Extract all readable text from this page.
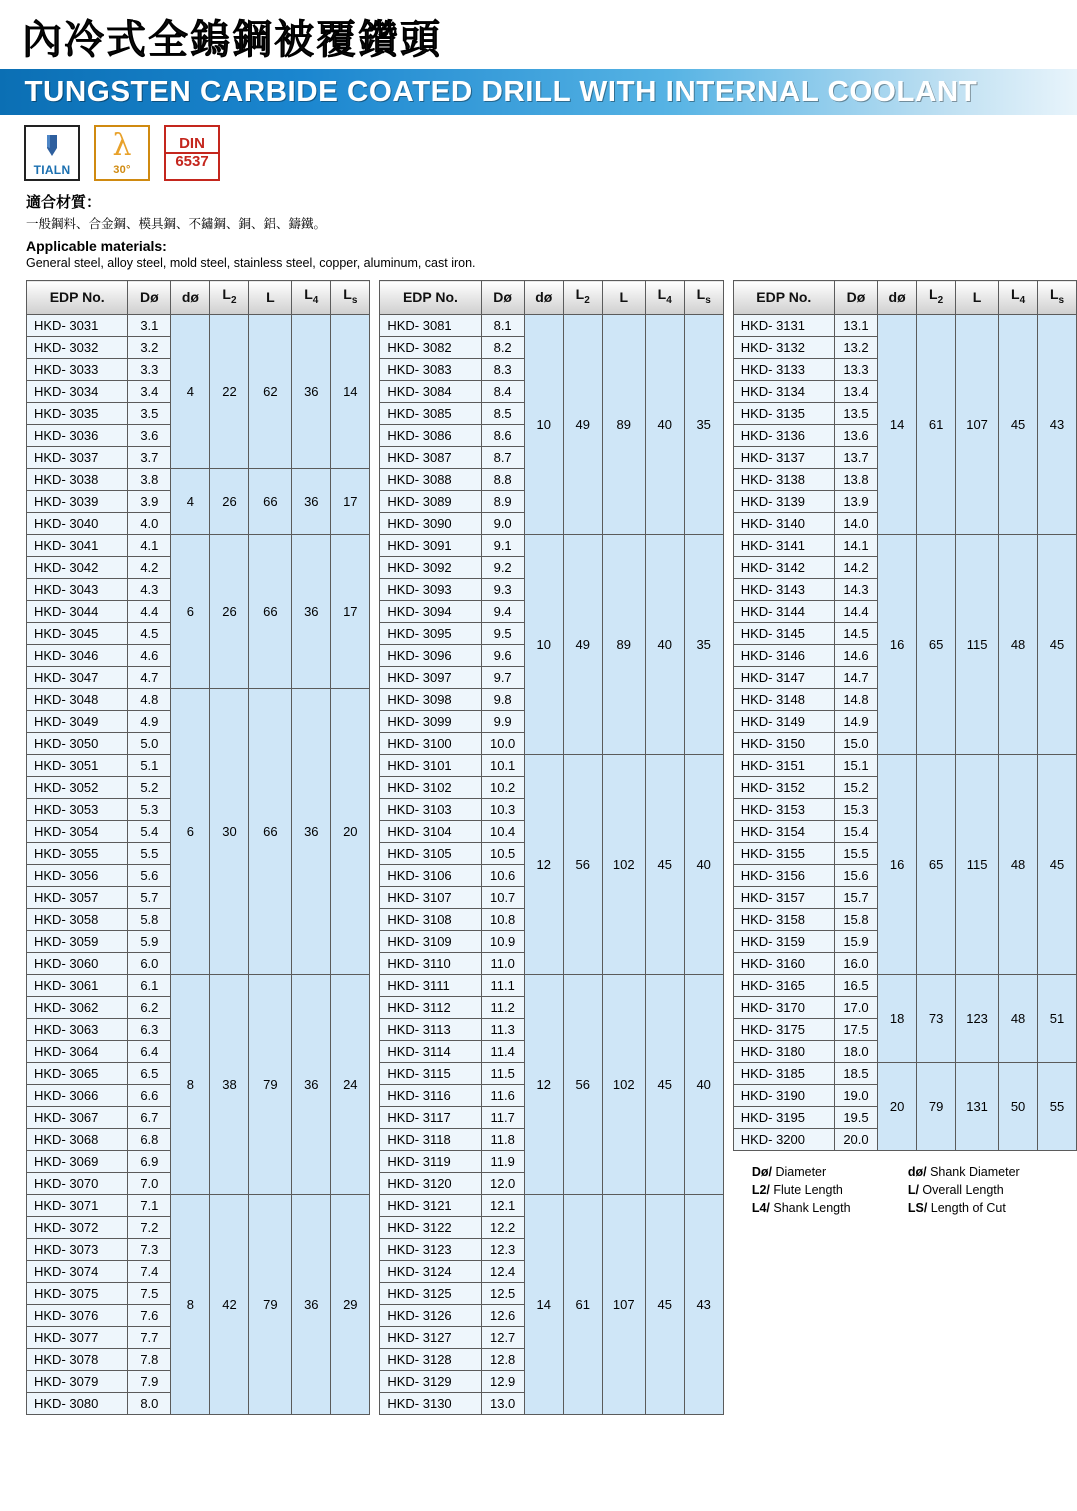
內冷式全鎢鋼被覆鑽頭
TUNGSTEN CARBIDE COATED DRILL WITH INTERNAL COOLANT
TIALN
λ
30°
DIN
6537
適合材質：
一般鋼料、合金鋼、模具鋼、不鏽鋼、銅、鋁、鑄鐵。
Applicable materials:
General steel, alloy steel, mold steel, stainless steel, copper, aluminum, cast iron.
EDP No.	Dø	dø	$L_2$	L	$L_4$	$L_s$
HKD- 3031	3.1	4	22	62	36	14
HKD- 3032	3.2					
HKD- 3033	3.3					
HKD- 3034	3.4					
HKD- 3035	3.5					
HKD- 3036	3.6					
HKD- 3037	3.7					
HKD- 3038	3.8	4	26	66	36	17
HKD- 3039	3.9					
HKD- 3040	4.0					
HKD- 3041	4.1	6	26	66	36	17
HKD- 3042	4.2					
HKD- 3043	4.3					
HKD- 3044	4.4					
HKD- 3045	4.5					
HKD- 3046	4.6					
HKD- 3047	4.7					
HKD- 3048	4.8	6	30	66	36	20
HKD- 3049	4.9					
HKD- 3050	5.0					
HKD- 3051	5.1					
HKD- 3052	5.2					
HKD- 3053	5.3					
HKD- 3054	5.4					
HKD- 3055	5.5					
HKD- 3056	5.6					
HKD- 3057	5.7					
HKD- 3058	5.8					
HKD- 3059	5.9					
HKD- 3060	6.0					
HKD- 3061	6.1	8	38	79	36	24
HKD- 3062	6.2					
HKD- 3063	6.3					
HKD- 3064	6.4					
HKD- 3065	6.5					
HKD- 3066	6.6					
HKD- 3067	6.7					
HKD- 3068	6.8					
HKD- 3069	6.9					
HKD- 3070	7.0					
HKD- 3071	7.1	8	42	79	36	29
HKD- 3072	7.2					
HKD- 3073	7.3					
HKD- 3074	7.4					
HKD- 3075	7.5					
HKD- 3076	7.6					
HKD- 3077	7.7					
HKD- 3078	7.8					
HKD- 3079	7.9					
HKD- 3080	8.0					
EDP No.	Dø	dø	$L_2$	L	$L_4$	$L_s$
HKD- 3081	8.1	10	49	89	40	35
HKD- 3082	8.2					
HKD- 3083	8.3					
HKD- 3084	8.4					
HKD- 3085	8.5					
HKD- 3086	8.6					
HKD- 3087	8.7					
HKD- 3088	8.8					
HKD- 3089	8.9					
HKD- 3090	9.0					
HKD- 3091	9.1	10	49	89	40	35
HKD- 3092	9.2					
HKD- 3093	9.3					
HKD- 3094	9.4					
HKD- 3095	9.5					
HKD- 3096	9.6					
HKD- 3097	9.7					
HKD- 3098	9.8					
HKD- 3099	9.9					
HKD- 3100	10.0					
HKD- 3101	10.1	12	56	102	45	40
HKD- 3102	10.2					
HKD- 3103	10.3					
HKD- 3104	10.4					
HKD- 3105	10.5					
HKD- 3106	10.6					
HKD- 3107	10.7					
HKD- 3108	10.8					
HKD- 3109	10.9					
HKD- 3110	11.0					
HKD- 3111	11.1	12	56	102	45	40
HKD- 3112	11.2					
HKD- 3113	11.3					
HKD- 3114	11.4					
HKD- 3115	11.5					
HKD- 3116	11.6					
HKD- 3117	11.7					
HKD- 3118	11.8					
HKD- 3119	11.9					
HKD- 3120	12.0					
HKD- 3121	12.1	14	61	107	45	43
HKD- 3122	12.2					
HKD- 3123	12.3					
HKD- 3124	12.4					
HKD- 3125	12.5					
HKD- 3126	12.6					
HKD- 3127	12.7					
HKD- 3128	12.8					
HKD- 3129	12.9					
HKD- 3130	13.0					
EDP No.	Dø	dø	$L_2$	L	$L_4$	$L_s$
HKD- 3131	13.1	14	61	107	45	43
HKD- 3132	13.2					
HKD- 3133	13.3					
HKD- 3134	13.4					
HKD- 3135	13.5					
HKD- 3136	13.6					
HKD- 3137	13.7					
HKD- 3138	13.8					
HKD- 3139	13.9					
HKD- 3140	14.0					
HKD- 3141	14.1	16	65	115	48	45
HKD- 3142	14.2					
HKD- 3143	14.3					
HKD- 3144	14.4					
HKD- 3145	14.5					
HKD- 3146	14.6					
HKD- 3147	14.7					
HKD- 3148	14.8					
HKD- 3149	14.9					
HKD- 3150	15.0					
HKD- 3151	15.1	16	65	115	48	45
HKD- 3152	15.2					
HKD- 3153	15.3					
HKD- 3154	15.4					
HKD- 3155	15.5					
HKD- 3156	15.6					
HKD- 3157	15.7					
HKD- 3158	15.8					
HKD- 3159	15.9					
HKD- 3160	16.0					
HKD- 3165	16.5	18	73	123	48	51
HKD- 3170	17.0					
HKD- 3175	17.5					
HKD- 3180	18.0					
HKD- 3185	18.5	20	79	131	50	55
HKD- 3190	19.0					
HKD- 3195	19.5					
HKD- 3200	20.0					
Dø/ Diameter	dø/ Shank Diameter
L2/ Flute Length	L/ Overall Length
L4/ Shank Length	LS/ Length of Cut
